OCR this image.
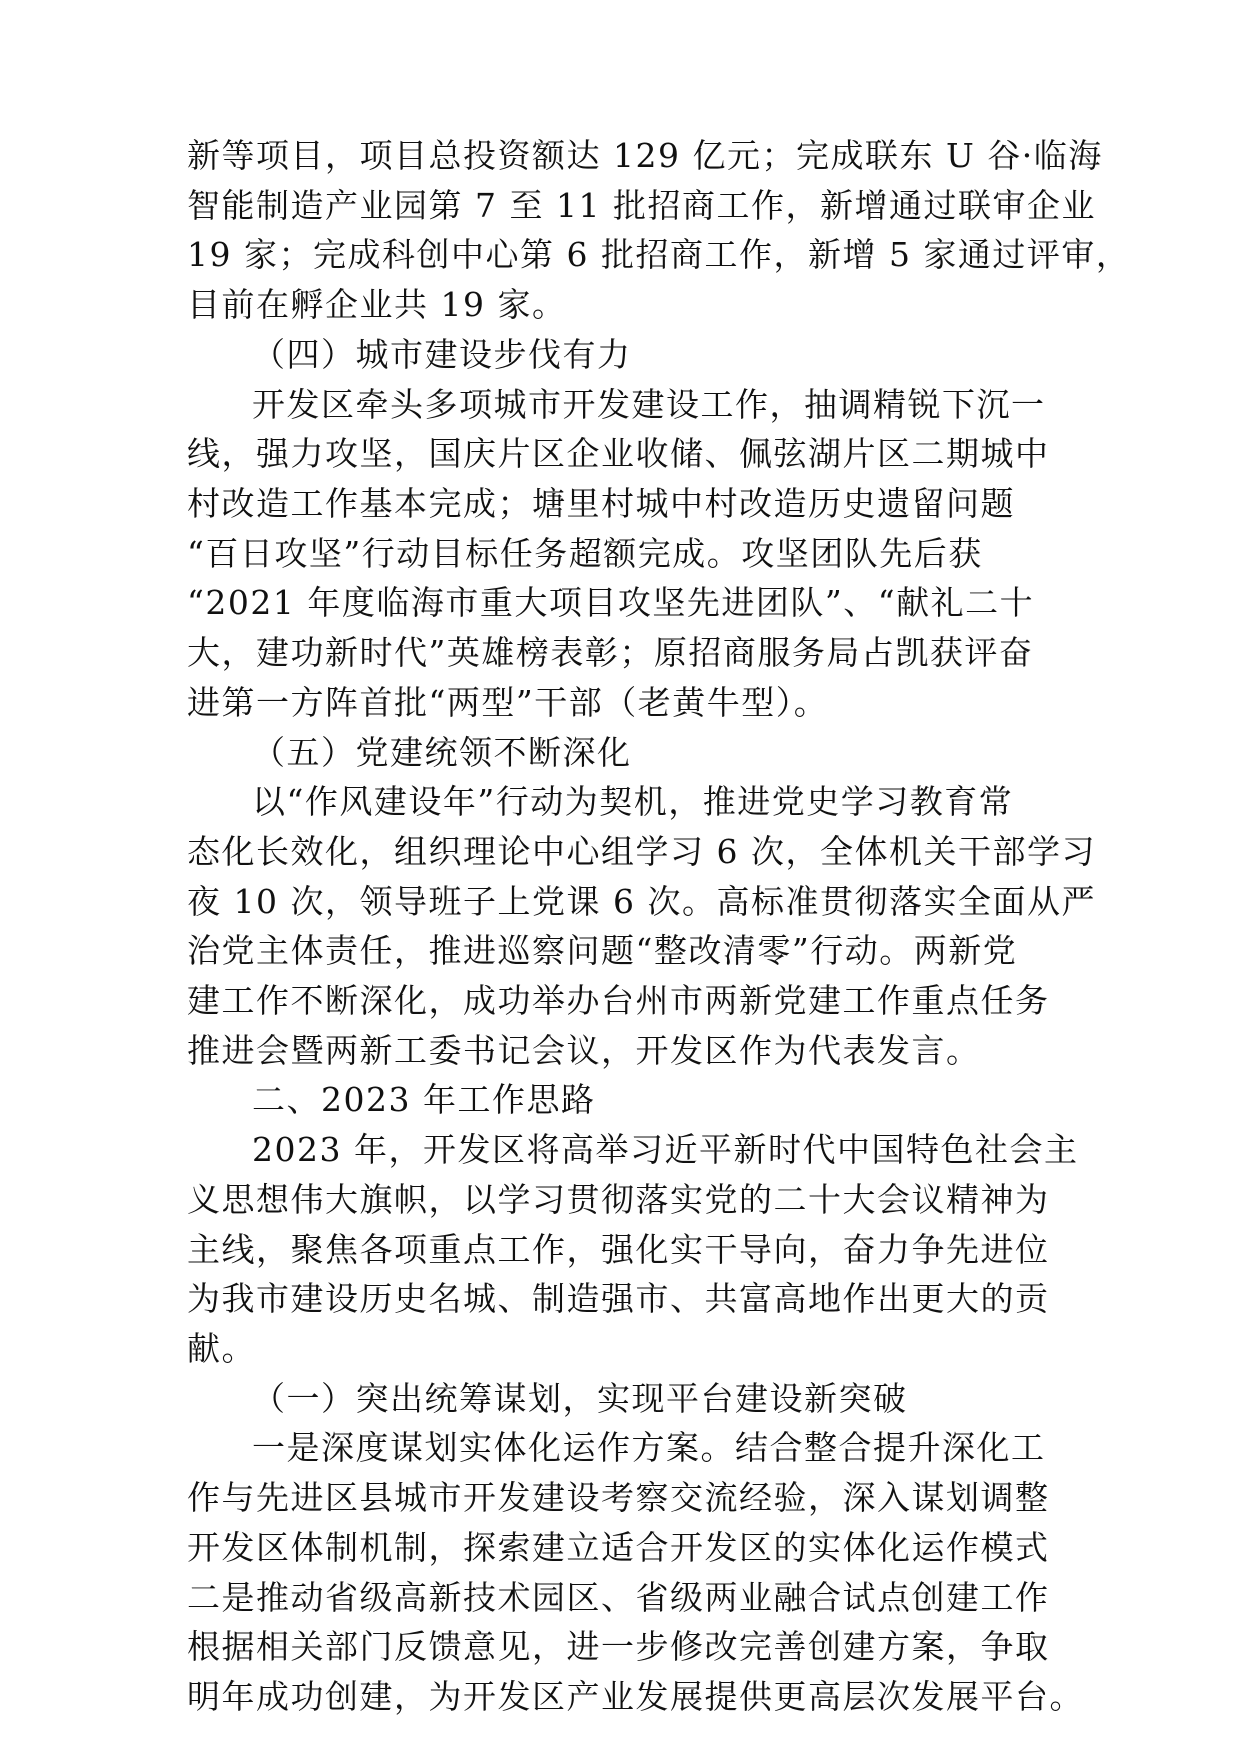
新等项目，项目总投资额达 129 亿元；完成联东 U 谷·临海
智能制造产业园第 7 至 11 批招商工作，新增通过联审企业
19 家；完成科创中心第 6 批招商工作，新增 5 家通过评审，
目前在孵企业共 19 家。
（四）城市建设步伐有力
开发区牵头多项城市开发建设工作，抽调精锐下沉一
线，强力攻坚，国庆片区企业收储、佩弦湖片区二期城中
村改造工作基本完成；塘里村城中村改造历史遗留问题
“百日攻坚”行动目标任务超额完成。攻坚团队先后获
“2021 年度临海市重大项目攻坚先进团队”、“献礼二十
大，建功新时代”英雄榜表彰；原招商服务局占凯获评奋
进第一方阵首批“两型”干部（老黄牛型）。
（五）党建统领不断深化
以“作风建设年”行动为契机，推进党史学习教育常
态化长效化，组织理论中心组学习 6 次，全体机关干部学习
夜 10 次，领导班子上党课 6 次。高标准贯彻落实全面从严
治党主体责任，推进巡察问题“整改清零”行动。两新党
建工作不断深化，成功举办台州市两新党建工作重点任务
推进会暨两新工委书记会议，开发区作为代表发言。
二、2023 年工作思路
2023 年，开发区将高举习近平新时代中国特色社会主
义思想伟大旗帜，以学习贯彻落实党的二十大会议精神为
主线，聚焦各项重点工作，强化实干导向，奋力争先进位
为我市建设历史名城、制造强市、共富高地作出更大的贡
献。
（一）突出统筹谋划，实现平台建设新突破
一是深度谋划实体化运作方案。结合整合提升深化工
作与先进区县城市开发建设考察交流经验，深入谋划调整
开发区体制机制，探索建立适合开发区的实体化运作模式
二是推动省级高新技术园区、省级两业融合试点创建工作
根据相关部门反馈意见，进一步修改完善创建方案，争取
明年成功创建，为开发区产业发展提供更高层次发展平台。
